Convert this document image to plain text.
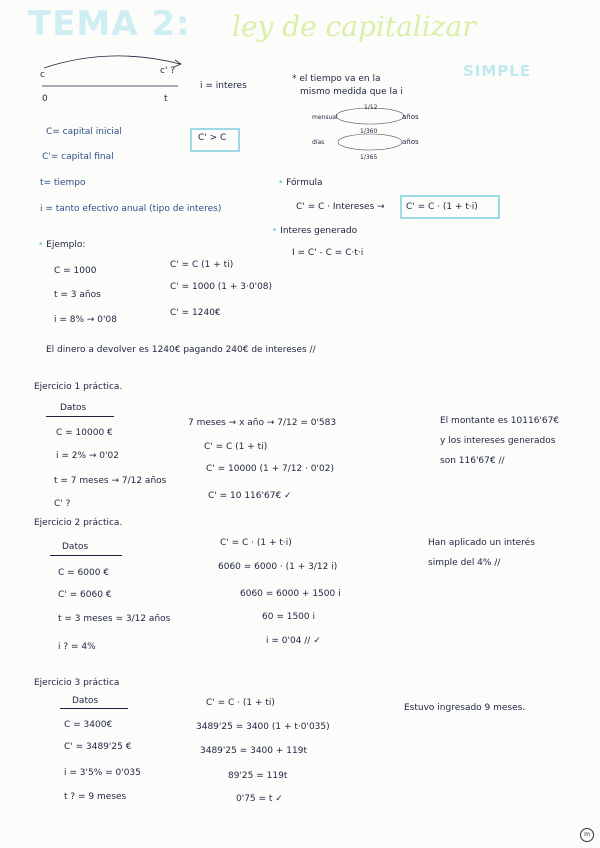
TEMA 2: ley de capitalizar
SIMPLE
c	c' ?
0	t
i = interes
* el tiempo va en la
mismo medida que la i
mensual
días
años
años
1/12
1/360
1/365
C= capital inicial
C'= capital final
t= tiempo
i = tanto efectivo anual (tipo de interes)
C' > C
• Fórmula
C' = C · Intereses → C' = C · (1 + t·i)
• Interes generado
I = C' - C = C·t·i
• Ejemplo:
C = 1000
t = 3 años
i = 8% → 0'08
C' = C (1 + ti)
C' = 1000 (1 + 3·0'08)
C' = 1240€
El dinero a devolver es 1240€ pagando 240€ de intereses //
Ejercicio 1 práctica.
Datos
C = 10000 €
i = 2% → 0'02
t = 7 meses → 7/12 años
C' ?
7 meses → x año → 7/12 = 0'583
C' = C (1 + ti)
C' = 10000 (1 + 7/12 · 0'02)
C' = 10 116'67€ ✓
El montante es 10116'67€
y los intereses generados
son 116'67€ //
Ejercicio 2 práctica.
Datos
C = 6000 €
C' = 6060 €
t = 3 meses = 3/12 años
i ? = 4%
C' = C · (1 + t·i)
6060 = 6000 · (1 + 3/12 i)
6060 = 6000 + 1500 i
60 = 1500 i
i = 0'04 // ✓
Han aplicado un interés
simple del 4% //
Ejercicio 3 práctica
Datos
C = 3400€
C' = 3489'25 €
i = 3'5% = 0'035
t ? = 9 meses
C' = C · (1 + ti)
3489'25 = 3400 (1 + t·0'035)
3489'25 = 3400 + 119t
89'25 = 119t
0'75 = t ✓
Estuvo ingresado 9 meses.
m
